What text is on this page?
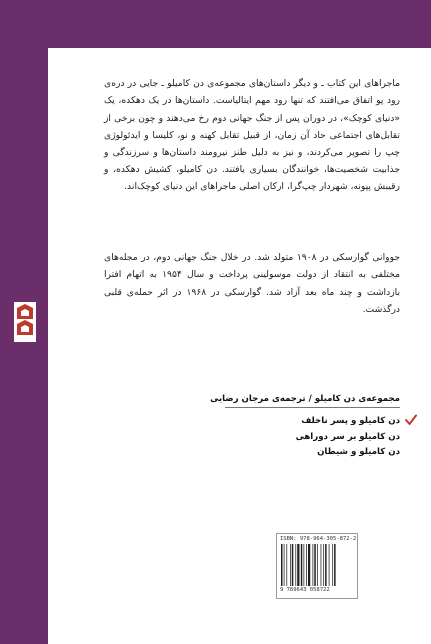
ماجراهای این کتاب ـ و دیگر داستان‌های مجموعه‌ی دن کامیلو ـ جایی در دره‌ی رود پو اتفاق می‌افتند که تنها رود مهم ایتالیاست. داستان‌ها در یک دهکده، یک «دنیای کوچک»، در دوران پس از جنگ جهانی دوم رخ می‌دهند و چون برخی از تقابل‌های اجتماعی حاد آن زمان، از قبیل تقابل کهنه و نو، کلیسا و ایدئولوژی چپ را تصویر می‌کردند، و نیز به دلیل طنز نیرومند داستان‌ها و سرزندگی و جذابیت شخصیت‌ها، خوانندگان بسیاری یافتند. دن کامیلو، کشیش دهکده، و رقیبش پپونه، شهردار چپ‌گرا، ارکان اصلی ماجراهای این دنیای کوچک‌اند.

جووانی گوارسکی در ۱۹۰۸ متولد شد. در خلال جنگ جهانی دوم، در مجله‌های مختلفی به انتقاد از دولت موسولینی پرداخت و سال ۱۹۵۴ به اتهام افترا بازداشت و چند ماه بعد آزاد شد. گوارسکی در ۱۹۶۸ در اثر حمله‌ی قلبی درگذشت.

مجموعه‌ی دن کامیلو / ترجمه‌ی مرجان رضایی
دن کامیلو و پسر ناخلف
دن کامیلو بر سر دوراهی
دن کامیلو و شیطان
ISBN: 978-964-305-872-2
9 789643 058722
